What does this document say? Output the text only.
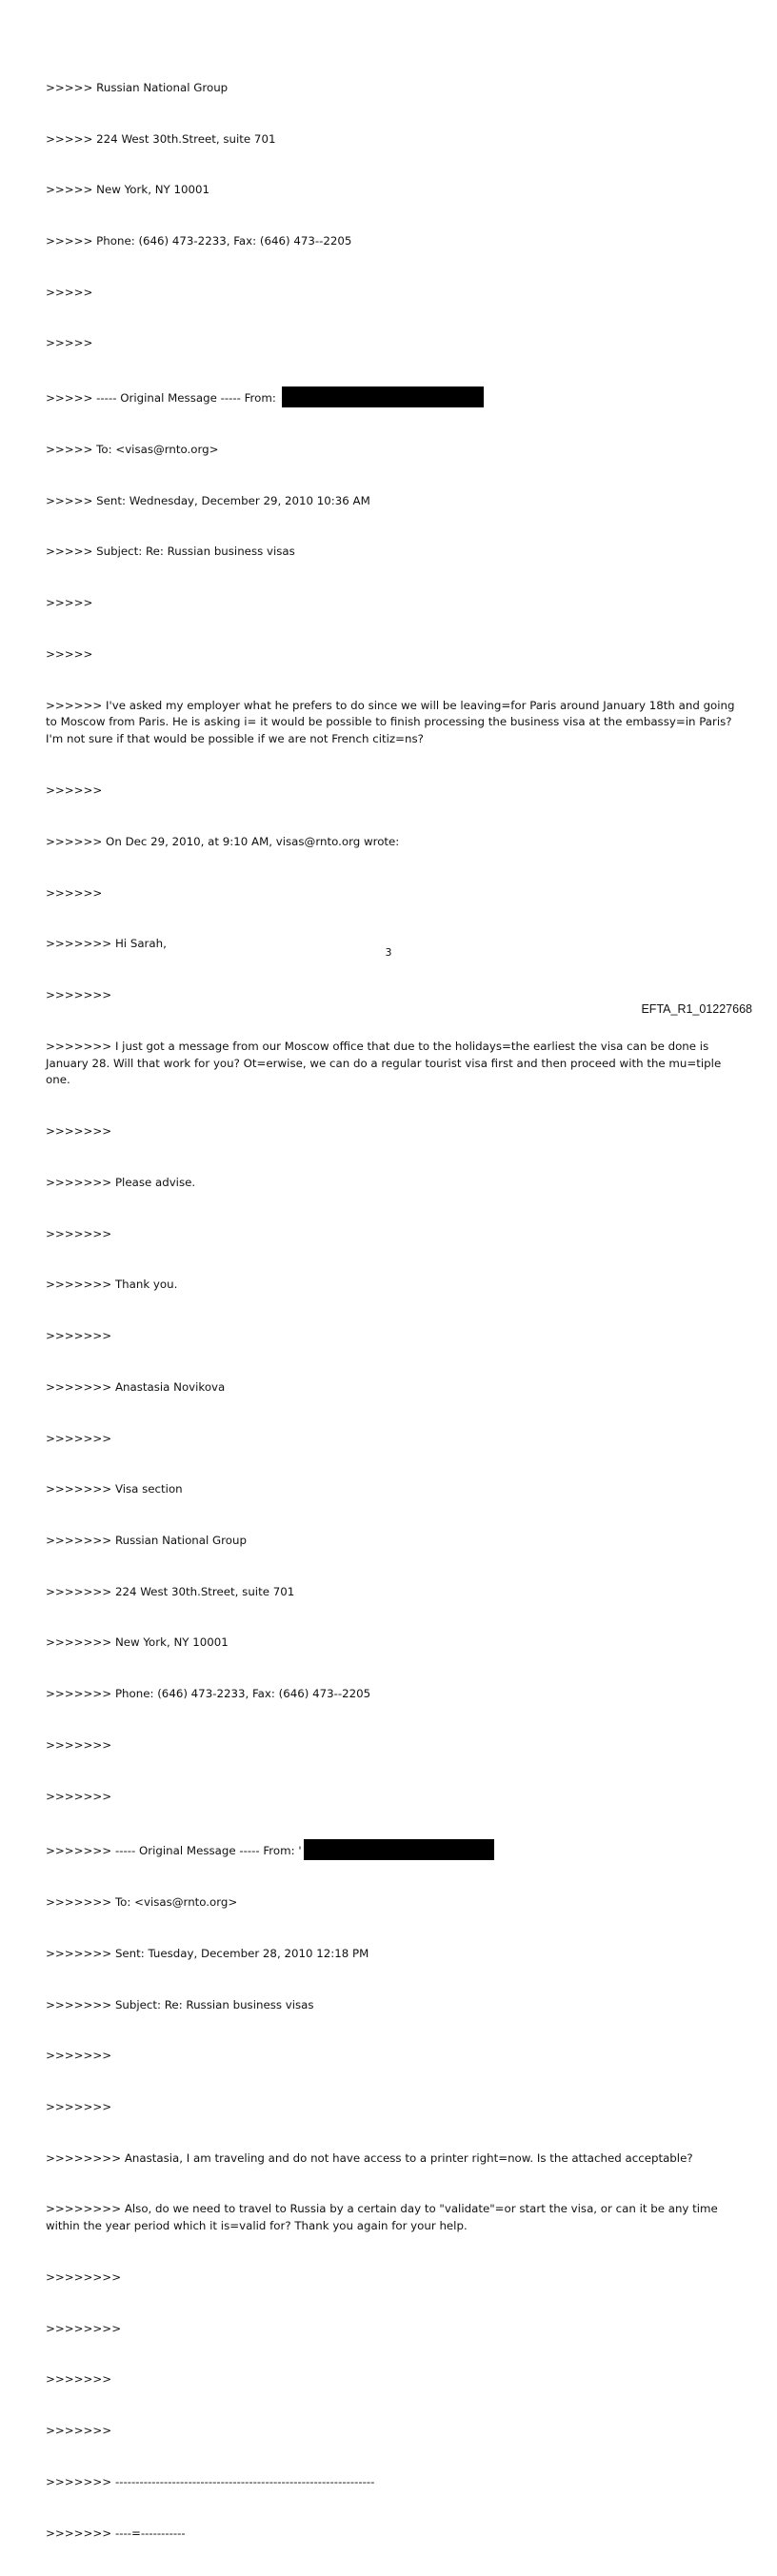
>>>>> Russian National Group

>>>>> 224 West 30th.Street, suite 701

>>>>> New York, NY 10001

>>>>> Phone: (646) 473-2233, Fax: (646) 473--2205

>>>>>

>>>>>

>>>>> ----- Original Message ----- From:

>>>>> To: <visas@rnto.org>

>>>>> Sent: Wednesday, December 29, 2010 10:36 AM

>>>>> Subject: Re: Russian business visas

>>>>>

>>>>>

>>>>>> I've asked my employer what he prefers to do since we will be leaving=for Paris around January 18th and going to Moscow from Paris. He is asking i= it would be possible to finish processing the business visa at the embassy=in Paris? I'm not sure if that would be possible if we are not French citiz=ns?

>>>>>>

>>>>>> On Dec 29, 2010, at 9:10 AM, visas@rnto.org wrote:

>>>>>>

>>>>>>> Hi Sarah,

>>>>>>>

>>>>>>> I just got a message from our Moscow office that due to the holidays=the earliest the visa can be done is January 28. Will that work for you? Ot=erwise, we can do a regular tourist visa first and then proceed with the mu=tiple one.

>>>>>>>

>>>>>>> Please advise.

>>>>>>>

>>>>>>> Thank you.

>>>>>>>

>>>>>>> Anastasia Novikova

>>>>>>>

>>>>>>> Visa section

>>>>>>> Russian National Group

>>>>>>> 224 West 30th.Street, suite 701

>>>>>>> New York, NY 10001

>>>>>>> Phone: (646) 473-2233, Fax: (646) 473--2205

>>>>>>>

>>>>>>>

>>>>>>> ----- Original Message ----- From: '

>>>>>>> To: <visas@rnto.org>

>>>>>>> Sent: Tuesday, December 28, 2010 12:18 PM

>>>>>>> Subject: Re: Russian business visas

>>>>>>>

>>>>>>>

>>>>>>>> Anastasia, I am traveling and do not have access to a printer right=now. Is the attached acceptable?

>>>>>>>> Also, do we need to travel to Russia by a certain day to "validate"=or start the visa, or can it be any time within the year period which it is=valid for? Thank you again for your help.

>>>>>>>>

>>>>>>>>

>>>>>>>

>>>>>>>

>>>>>>> ----------------------------------------------------------------

>>>>>>> ----=-----------

3
EFTA_R1_01227668
